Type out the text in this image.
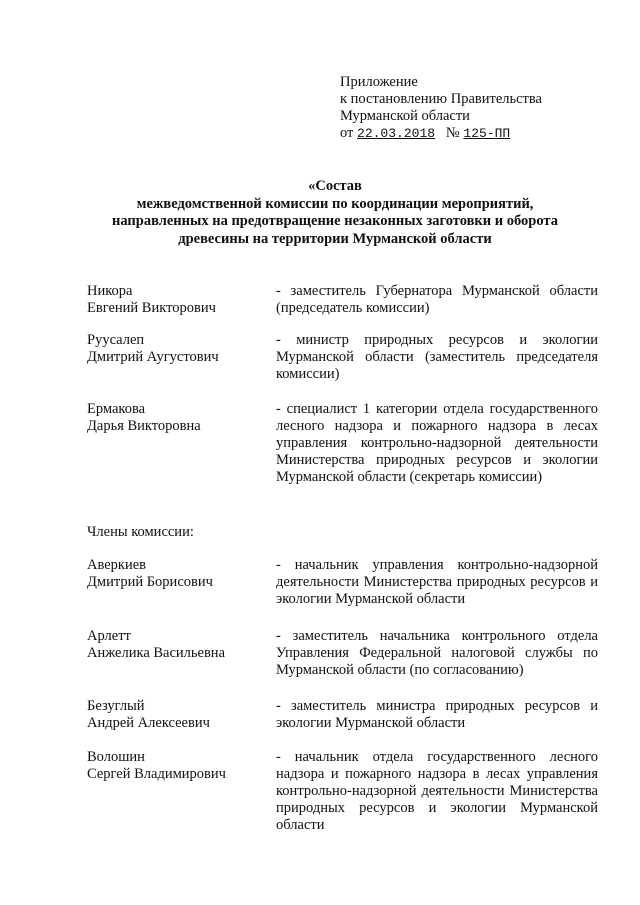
Приложение
к постановлению Правительства
Мурманской области
от 22.03.2018 № 125-ПП
«Состав
межведомственной комиссии по координации мероприятий,
направленных на предотвращение незаконных заготовки и оборота
древесины на территории Мурманской области
Никора
Евгений Викторович
- заместитель Губернатора Мурманской области (председатель комиссии)
Руусалеп
Дмитрий Аугустович
- министр природных ресурсов и экологии Мурманской области (заместитель председателя комиссии)
Ермакова
Дарья Викторовна
- специалист 1 категории отдела государственного лесного надзора и пожарного надзора в лесах управления контрольно-надзорной деятельности Министерства природных ресурсов и экологии Мурманской области (секретарь комиссии)
Аверкиев
Дмитрий Борисович
- начальник управления контрольно-надзорной деятельности Министерства природных ресурсов и экологии Мурманской области
Арлетт
Анжелика Васильевна
- заместитель начальника контрольного отдела Управления Федеральной налоговой службы по Мурманской области (по согласованию)
Безуглый
Андрей Алексеевич
- заместитель министра природных ресурсов и экологии Мурманской области
Волошин
Сергей Владимирович
- начальник отдела государственного лесного надзора и пожарного надзора в лесах управления контрольно-надзорной деятельности Министерства природных ресурсов и экологии Мурманской области
Члены комиссии:
